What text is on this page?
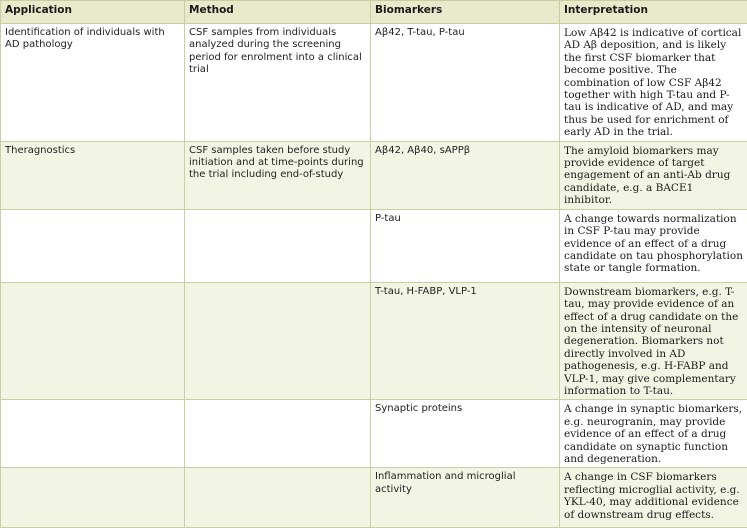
Application	Method	Biomarkers	Interpretation
Identification of individuals with AD pathology	CSF samples from individuals analyzed during the screening period for enrolment into a clinical trial	Aβ42, T-tau, P-tau	Low Aβ42 is indicative of cortical AD Aβ deposition, and is likely the first CSF biomarker that become positive. The combination of low CSF Aβ42 together with high T-tau and P-tau is indicative of AD, and may thus be used for enrichment of early AD in the trial.
Theragnostics	CSF samples taken before study initiation and at time-points during the trial including end-of-study	Aβ42, Aβ40, sAPPβ	The amyloid biomarkers may provide evidence of target engagement of an anti-Ab drug candidate, e.g. a BACE1 inhibitor.
		P-tau	A change towards normalization in CSF P-tau may provide evidence of an effect of a drug candidate on tau phosphorylation state or tangle formation.
		T-tau, H-FABP, VLP-1	Downstream biomarkers, e.g. T-tau, may provide evidence of an effect of a drug candidate on the on the intensity of neuronal degeneration. Biomarkers not directly involved in AD pathogenesis, e.g. H-FABP and VLP-1, may give complementary information to T-tau.
		Synaptic proteins	A change in synaptic biomarkers, e.g. neurogranin, may provide evidence of an effect of a drug candidate on synaptic function and degeneration.
		Inflammation and microglial activity	A change in CSF biomarkers reflecting microglial activity, e.g. YKL-40, may additional evidence of downstream drug effects.
